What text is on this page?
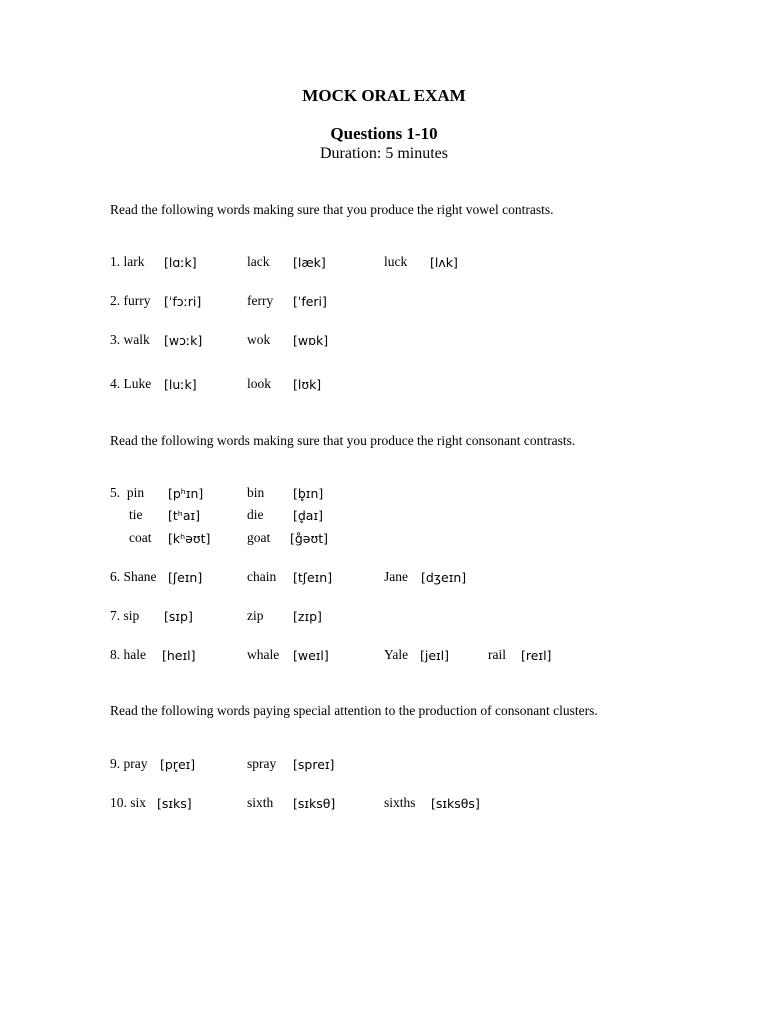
MOCK ORAL EXAM
Questions 1-10
Duration: 5 minutes
Read the following words making sure that you produce the right vowel contrasts.
1. lark [lɑːk]	lack [læk]	luck [lʌk]
2. furry [ˈfɔːri]	ferry [ˈferi]
3. walk [wɔːk]	wok [wɒk]
4. Luke [luːk]	look [lʊk]
Read the following words making sure that you produce the right consonant contrasts.
5.  pin [pʰɪn]	bin [b̥ɪn]
tie [tʰaɪ]	die [d̥aɪ]
coat [kʰəʊt]	goat [g̊əʊt]
6. Shane [ʃeɪn]	chain [tʃeɪn]	Jane [dʒeɪn]
7. sip [sɪp]	zip [zɪp]
8. hale [heɪl]	whale [weɪl]	Yale [jeɪl]	rail [reɪl]
Read the following words paying special attention to the production of consonant clusters.
9. pray [pr̥eɪ]	spray [spreɪ]
10. six [sɪks]	sixth [sɪksθ]	sixths [sɪksθs]
